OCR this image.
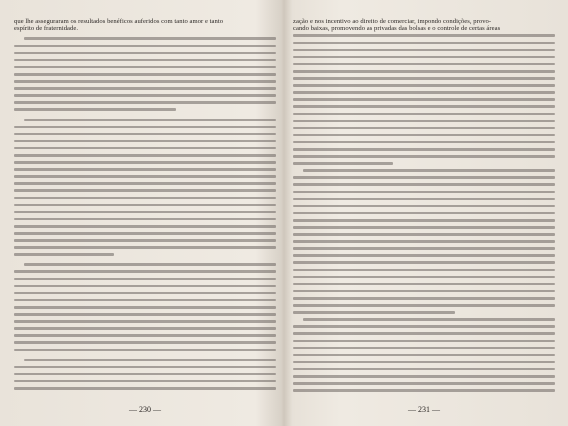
que lhe asseguraram os resultados benéficos auferidos com tanto amor e tanto
espírito de fraternidade.
— 230 —
zação e nos incentivo ao direito de comerciar, impondo condições, provo-
cando baixas, promovendo as privadas das bolsas e o controle de certas áreas
— 231 —
